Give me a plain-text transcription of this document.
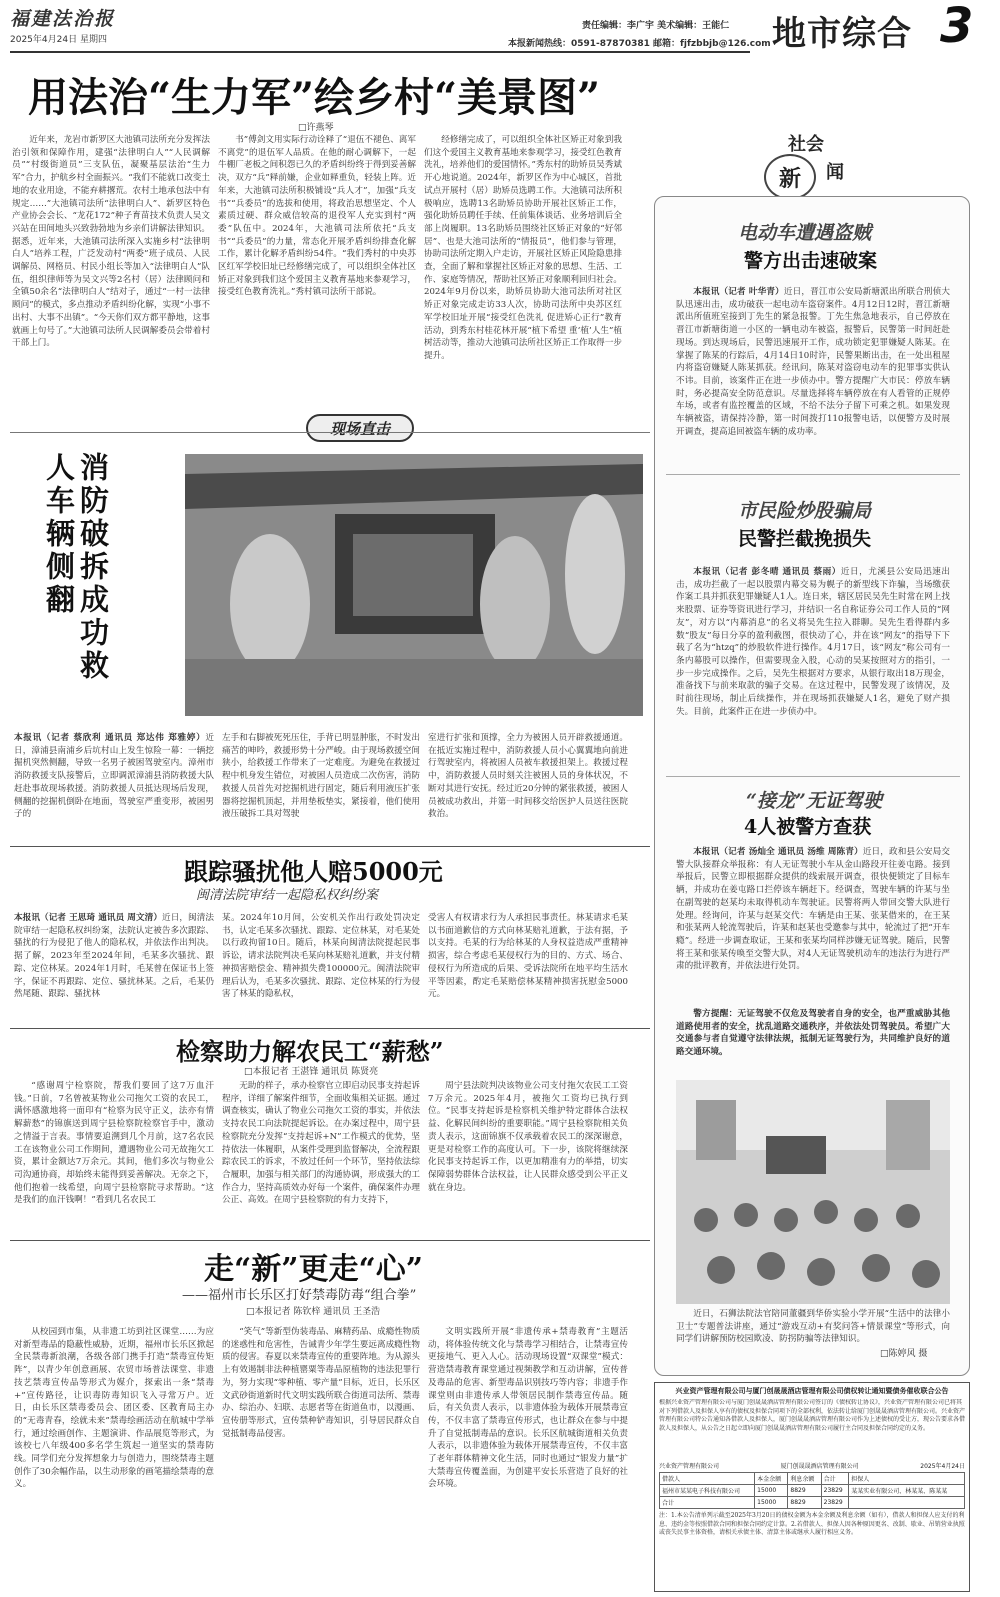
福建法治报
2025年4月24日 星期四
责任编辑：李广宇 美术编辑：王能仁
本报新闻热线：0591-87870381 邮箱：fjfzbbjb@126.com 地市综合 3
用法治“生力军”绘乡村“美景图”
□许燕琴

近年来，龙岩市新罗区大池镇司法所充分发挥法治引领和保障作用，建强“法律明白人”“人民调解员”“村级街道员”三支队伍，凝聚基层法治“生力军”合力，护航乡村全面振兴。“我们不能就口改变土地的农业用途，不能弃耕撂荒。农村土地承包法中有规定……”大池镇司法所“法律明白人”、新罗区特色产业协会会长、“龙花172”种子育苗技术负责人吴文兴站在田间地头兴致勃勃地为乡亲们讲解法律知识。据悉，近年来，大池镇司法所深入实施乡村“法律明白人”培养工程，广泛发动村“两委”班子成员、人民调解员、网格员、村民小组长等加入“法律明白人”队伍，组织律师等为吴文兴等2名村（居）法律顾问和全镇50余名“法律明白人”结对子，通过“一村一法律顾问”的模式，多点推动矛盾纠纷化解，实现“小事不出村、大事不出镇”。“今天你们双方都平静地，这事就画上句号了。”大池镇司法所人民调解委员会带着村干部上门。

书”傅剑文用实际行动诠释了“退伍不褪色、离军不离党”的退伍军人品质。在他的耐心调解下，一起牛棚厂老板之间积怨已久的矛盾纠纷终于得到妥善解决，双方“兵”释前嫌，企业如释重负，轻装上阵。近年来，大池镇司法所积极铺设“兵人才”，加强“兵支书”“兵委员”的选拔和使用，将政治思想坚定、个人素质过硬、群众威信较高的退役军人充实到村“两委”队伍中。2024年，大池镇司法所依托“兵支书”“兵委员”的力量，常态化开展矛盾纠纷排查化解工作，累计化解矛盾纠纷54件。“我们秀村的中央苏区红军学校旧址已经修缮完成了，可以组织全体社区矫正对象到我们这个爱国主义教育基地来参观学习，接受红色教育洗礼。”秀村镇司法所干部说。

经修缮完成了，可以组织全体社区矫正对象到我们这个爱国主义教育基地来参观学习，接受红色教育洗礼，培养他们的爱国情怀。”秀东村的助矫员吴秀斌开心地说道。2024年，新罗区作为中心城区，首批试点开展村（居）助矫员选聘工作。大池镇司法所积极响应，选聘13名助矫员协助开展社区矫正工作，强化助矫员聘任手续、任前集体谈话、业务培训后全部上岗履职。13名助矫员围绕社区矫正对象的“好邻居”、也是大池司法所的“情报员”，他们参与管理，协助司法所定期入户走访，开展社区矫正风险隐患排查，全面了解和掌握社区矫正对象的思想、生活、工作、家庭等情况，帮助社区矫正对象顺利回归社会。2024年9月份以来，助矫员协助大池司法所对社区矫正对象完成走访33人次，协助司法所中央苏区红军学校旧址开展“接受红色洗礼 促进矫心正行”教育活动，到秀东村桂花林开展“植下希望 重‘植’人生”植树活动等，推动大池镇司法所社区矫正工作取得一步提升。

现场直击
消防破拆成功救人车辆侧翻
本报讯（记者 蔡欣利 通讯员 郑达伟 郑雅婷）近日，漳浦县南浦乡后坑村山上发生惊险一幕：一辆挖掘机突然侧翻，导致一名男子被困驾驶室内。漳州市消防救援支队接警后，立即调派漳浦县消防救援大队赶赴事故现场救援。消防救援人员抵达现场后发现，侧翻的挖掘机倒卧在地面，驾驶室严重变形，被困男子的
左手和右脚被死死压住，手背已明显肿胀，不时发出痛苦的呻吟，救援形势十分严峻。由于现场救援空间狭小，给救援工作带来了一定难度。为避免在救援过程中机身发生错位，对被困人员造成二次伤害，消防救援人员首先对挖掘机进行固定，随后利用液压扩张器将挖掘机顶起，并用垫板垫实，紧接着，他们使用液压破拆工具对驾驶
室进行扩张和顶撑，全力为被困人员开辟救援通道。在抵近实施过程中，消防救援人员小心翼翼地向前进行驾驶室内，将被困人员被车救援担架上。救援过程中，消防救援人员时刻关注被困人员的身体状况，不断对其进行安抚。经过近20分钟的紧张救援，被困人员被成功救出，并第一时间移交给医护人员送往医院救治。
跟踪骚扰他人赔5000元
闽清法院审结一起隐私权纠纷案
本报讯（记者 王思琦 通讯员 周文清）近日，闽清法院审结一起隐私权纠纷案，法院认定被告多次跟踪、骚扰的行为侵犯了他人的隐私权，并依法作出判决。据了解，2023年至2024年间，毛某多次骚扰、跟踪、定位林某。2024年1月时，毛某曾在保证书上签字，保证不再跟踪、定位、骚扰林某。之后，毛某仍然尾随、跟踪、骚扰林
某。2024年10月间，公安机关作出行政处罚决定书，认定毛某多次骚扰、跟踪、定位林某，对毛某处以行政拘留10日。随后，林某向闽清法院提起民事诉讼，请求法院判决毛某向林某赔礼道歉，并支付精神损害赔偿金、精神损失费100000元。闽清法院审理后认为，毛某多次骚扰、跟踪、定位林某的行为侵害了林某的隐私权，
受害人有权请求行为人承担民事责任。林某请求毛某以书面道歉信的方式向林某赔礼道歉，于法有据，予以支持。毛某的行为给林某的人身权益造成严重精神损害，综合考虑毛某侵权行为的目的、方式、场合、侵权行为所造成的后果、受诉法院所在地平均生活水平等因素，酌定毛某赔偿林某精神损害抚慰金5000元。
检察助力解农民工“薪愁”
□本报记者 王湛锋 通讯员 陈贤亮

“感谢周宁检察院，帮我们要回了这7万血汗钱。”日前，7名曾被某物业公司拖欠工资的农民工，满怀感激地将一面印有“检察为民守正义，法亦有情解薪愁”的锦旗送到周宁县检察院检察官手中，激动之情溢于言表。事情要追溯到几个月前，这7名农民工在该物业公司工作期间，遭遇物业公司无故拖欠工资，累计金额达7万余元。其间，他们多次与物业公司沟通协商，却始终未能得到妥善解决。无奈之下，他们抱着一线希望，向周宁县检察院寻求帮助。“这是我们的血汗钱啊！”看到几名农民工

无助的样子，承办检察官立即启动民事支持起诉程序，详细了解案件细节，全面收集相关证据。通过调查核实，确认了物业公司拖欠工资的事实，并依法支持农民工向法院提起诉讼。在办案过程中，周宁县检察院充分发挥“支持起诉+N”工作模式的优势，坚持依法一体履职，从案件受理到监督解决，全流程跟踪农民工的诉求，不放过任何一个环节，坚持依法综合履职，加强与相关部门的沟通协调，形成强大的工作合力，坚持高质效办好每一个案件，确保案件办理公正、高效。在周宁县检察院的有力支持下，

周宁县法院判决该物业公司支付拖欠农民工工资7万余元。2025年4月，被拖欠工资均已执行到位。“民事支持起诉是检察机关维护特定群体合法权益、化解民间纠纷的重要职能。”周宁县检察院相关负责人表示，这面锦旗不仅承载着农民工的深深谢意，更是对检察工作的高度认可。下一步，该院将继续深化民事支持起诉工作，以更加精准有力的举措，切实保障弱势群体合法权益，让人民群众感受到公平正义就在身边。

走“新”更走“心”
——福州市长乐区打好禁毒防毒“组合拳”
□本报记者 陈钦梓 通讯员 王圣浩

从校园到市集，从非遗工坊到社区课堂……为应对新型毒品的隐蔽性威胁，近期，福州市长乐区掀起全民禁毒新浪潮，各级各部门携手打造“禁毒宣传矩阵”，以青少年创意画展、农贸市场普法课堂、非遗技艺禁毒宣传品等形式为媒介，探索出一条“禁毒+”宣传路径，让识毒防毒知识飞入寻常万户。近日，由长乐区禁毒委员会、团区委、区教育局主办的“无毒青春，绘就未来”禁毒绘画活动在航城中学举行，通过绘画创作、主题演讲、作品展览等形式，为该校七八年级400多名学生筑起一道坚实的禁毒防线。同学们充分发挥想象力与创造力，围绕禁毒主题创作了30余幅作品，以生动形象的画笔描绘禁毒的意义。

“笑气”等新型伪装毒品、麻精药品、成瘾性物质的迷惑性和危害性，告诫青少年学生要远离成瘾性物质的侵害。春夏以来禁毒宣传的重要阵地。为从源头上有效遏制非法种植罂粟等毒品原植物的违法犯罪行为，努力实现“零种植、零产量”目标，近日，长乐区文武砂街道新时代文明实践所联合街道司法所、禁毒办、综治办、妇联、志愿者等在街道鱼市，以漫画、宣传册等形式，宣传禁种铲毒知识，引导居民群众自觉抵制毒品侵害。

文明实践所开展“非遗传承+禁毒教育”主题活动，将体验传统文化与禁毒学习相结合，让禁毒宣传更接地气、更入人心。活动现场设置“双课堂”模式：营造禁毒教育课堂通过视频教学和互动讲解，宣传普及毒品的危害、新型毒品识别技巧等内容；非遗手作课堂则由非遗传承人带领居民制作禁毒宣传品。随后，有关负责人表示，以非遗体验为载体开展禁毒宣传，不仅丰富了禁毒宣传形式，也让群众在参与中提升了自觉抵制毒品的意识。长乐区航城街道相关负责人表示，以非遗体验为载体开展禁毒宣传，不仅丰富了老年群体精神文化生活，同时也通过“银发力量”扩大禁毒宣传覆盖面，为创建平安长乐营造了良好的社会环境。

社会
新 闻
电动车遭遇盗贼
警方出击速破案

本报讯（记者 叶华青）近日，晋江市公安局新塘派出所联合刑侦大队迅速出击，成功破获一起电动车盗窃案件。4月12日12时，晋江新塘派出所值班室接到丁先生的紧急报警。丁先生焦急地表示，自己停放在晋江市新塘街道一小区的一辆电动车被盗，报警后，民警第一时间赶赴现场。到达现场后，民警迅速展开工作，成功锁定犯罪嫌疑人陈某。在掌握了陈某的行踪后，4月14日10时许，民警果断出击，在一处出租屋内将盗窃嫌疑人陈某抓获。经讯问，陈某对盗窃电动车的犯罪事实供认不讳。目前，该案件正在进一步侦办中。警方提醒广大市民：停放车辆时，务必提高安全防范意识。尽量选择将车辆停放在有人看管的正规停车场，或者有监控覆盖的区域，不给不法分子留下可乘之机。如果发现车辆被盗，请保持冷静，第一时间拨打110报警电话，以便警方及时展开调查，提高追回被盗车辆的成功率。

市民险炒股骗局
民警拦截挽损失

本报讯（记者 彭冬晴 通讯员 蔡雨）近日，尤溪县公安局迅速出击，成功拦截了一起以股票内幕交易为幌子的新型线下诈骗，当场缴获作案工具并抓获犯罪嫌疑人1人。连日来，辖区居民吴先生时常在网上找来股票、证券等资讯进行学习，并结识一名自称证券公司工作人员的“网友”，对方以“内幕消息”的名义将吴先生拉入群聊。吴先生看得群内多数“股友”每日分享的盈利截图，很快动了心，并在该“网友”的指导下下载了名为“htzq”的炒股软件进行操作。4月17日，该“网友”称公司有一条内幕股可以操作，但需要现金入股，心动的吴某按照对方的指引，一步一步完成操作。之后，吴先生根据对方要求，从银行取出18万现金，准备找下与前来取款的骗子交易。在这过程中，民警发现了该情况，及时前往现场，制止后续操作，并在现场抓获嫌疑人1名，避免了财产损失。目前，此案件正在进一步侦办中。

“接龙”无证驾驶
4人被警方查获

本报讯（记者 汤灿全 通讯员 汤维 周陈青）近日，政和县公安局交警大队接群众举报称：有人无证驾驶小车从金山路段开往姜屯路。接到举报后，民警立即根据群众提供的线索展开调查，很快便锁定了目标车辆，并成功在姜屯路口拦停该车辆赶下。经调查，驾驶车辆的许某与坐在副驾驶的赵某均未取得机动车驾驶证。民警将两人带回交警大队进行处理。经询问，许某与赵某交代：车辆是由王某、张某借来的，在王某和张某两人轮流驾驶后，许某和赵某也受邀参与其中，轮流过了把“开车瘾”。经进一步调查取证，王某和张某均同样涉嫌无证驾驶。随后，民警将王某和张某传唤至交警大队，对4人无证驾驶机动车的违法行为进行严肃的批评教育，并依法进行处罚。

警方提醒：无证驾驶不仅危及驾驶者自身的安全，也严重威胁其他道路使用者的安全，扰乱道路交通秩序，并依法处罚驾驶员。希望广大交通参与者自觉遵守法律法规，抵制无证驾驶行为，共同维护良好的道路交通环境。

近日，石狮法院法官陪同董疆到华侨实验小学开展“生活中的法律小卫士”专题普法讲座，通过“游戏互动+有奖问答+情景课堂”等形式，向同学们讲解预防校园欺凌、防拐防骗等法律知识。

□陈婷风 摄
兴业资产管理有限公司与厦门创晟晟酒店管理有限公司债权转让通知暨债务催收联合公告
根据兴业资产管理有限公司与厦门创晟晟酒店管理有限公司签订的《债权转让协议》，兴业资产管理有限公司已将其对下列借款人及担保人享有的债权及担保合同项下的全部权利，依法转让给厦门创晟晟酒店管理有限公司。兴业资产管理有限公司特公告通知各借款人及担保人，厦门创晟晟酒店管理有限公司作为上述债权的受让方，现公告要求各借款人及担保人，从公告之日起立即向厦门创晟晟酒店管理有限公司履行主合同及担保合同约定的义务。
兴业资产管理有限公司	厦门创晟晟酒店管理有限公司	2025年4月24日
借款人	本金余额	利息余额	合计	担保人
福州市某某电子科技有限公司	15000	8829	23829	某某实业有限公司、林某某、陈某某
合计	15000	8829	23829	
注：1.本公告清单列示截至2025年3月20日的债权金额为本金余额及利息余额（如有），借款人和担保人应支付的利息、违约金等按照借款合同和担保合同约定计算。2.若借款人、担保人因各种原因更名、改制、歇业、吊销营业执照或丧失民事主体资格，请相关承债主体、清算主体或继承人履行相应义务。
